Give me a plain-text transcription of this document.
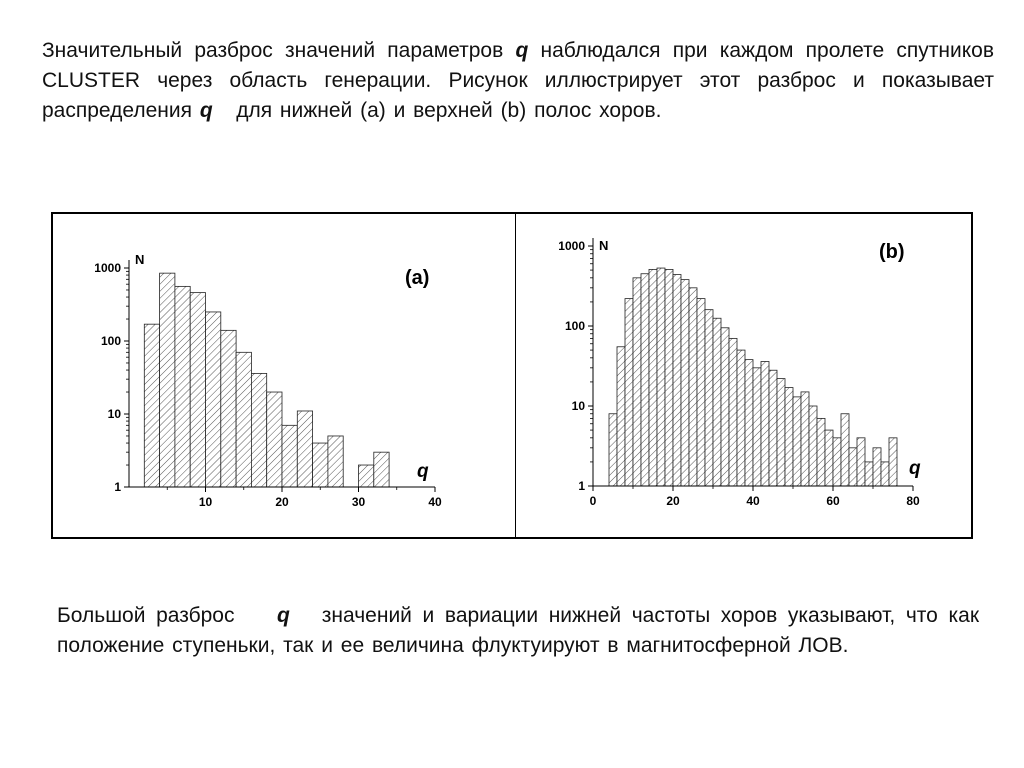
Значительный разброс значений параметров q наблюдался при каждом пролете спутников CLUSTER через область генерации. Рисунок иллюстрирует этот разброс и показывает распределения q для нижней (a) и верхней (b) полос хоров.
1
10
100
1000
10	20	30	40
N
(a)
q
1
10
100
1000
0	20	40	60	80
N	(b)
q
Большой разброс q значений и вариации нижней частоты хоров указывают, что как положение ступеньки, так и ее величина флуктуируют в магнитосферной ЛОВ.
